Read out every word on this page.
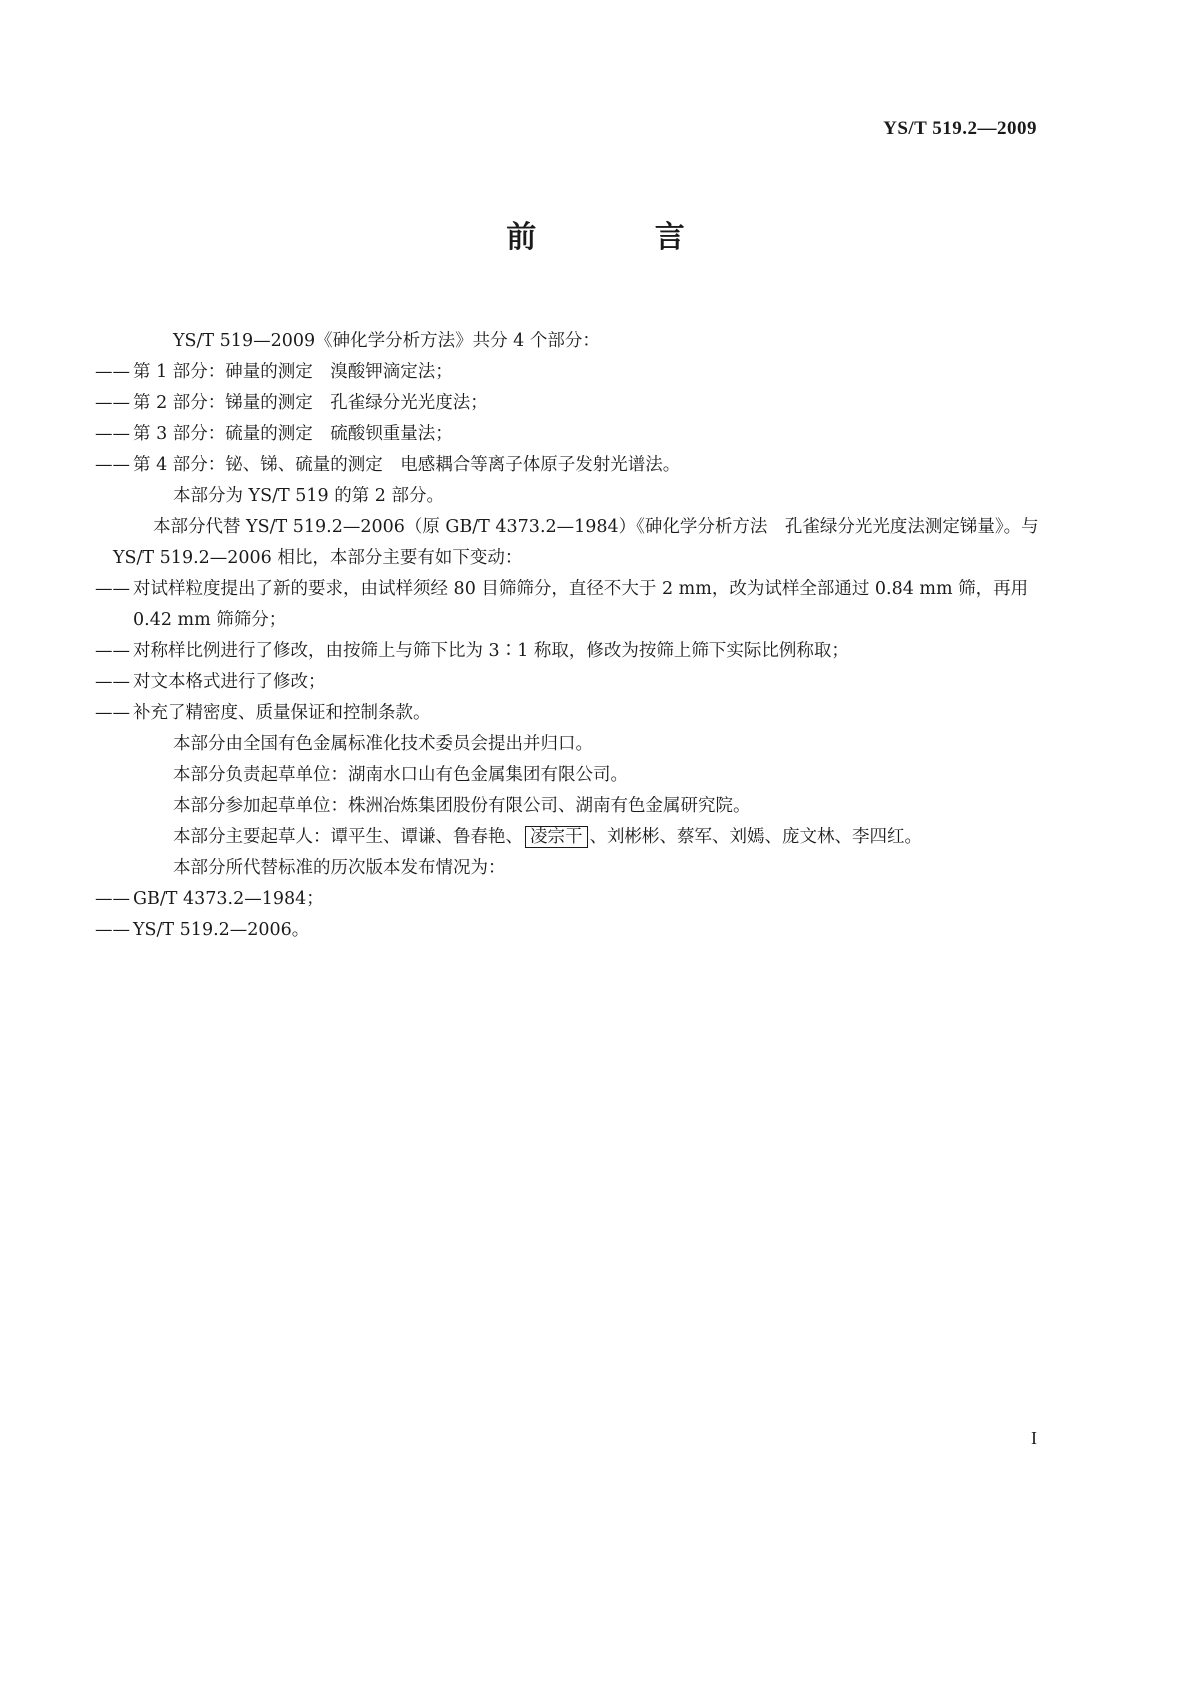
YS/T 519.2—2009
前 言

YS/T 519—2009《砷化学分析方法》共分 4 个部分：

—— 第 1 部分：砷量的测定　溴酸钾滴定法；

—— 第 2 部分：锑量的测定　孔雀绿分光光度法；

—— 第 3 部分：硫量的测定　硫酸钡重量法；

—— 第 4 部分：铋、锑、硫量的测定　电感耦合等离子体原子发射光谱法。

本部分为 YS/T 519 的第 2 部分。

本部分代替 YS/T 519.2—2006（原 GB/T 4373.2—1984）《砷化学分析方法　孔雀绿分光光度法测定锑量》。与 YS/T 519.2—2006 相比，本部分主要有如下变动：

—— 对试样粒度提出了新的要求，由试样须经 80 目筛筛分，直径不大于 2 mm，改为试样全部通过 0.84 mm 筛，再用 0.42 mm 筛筛分；

—— 对称样比例进行了修改，由按筛上与筛下比为 3∶1 称取，修改为按筛上筛下实际比例称取；

—— 对文本格式进行了修改；

—— 补充了精密度、质量保证和控制条款。

本部分由全国有色金属标准化技术委员会提出并归口。

本部分负责起草单位：湖南水口山有色金属集团有限公司。

本部分参加起草单位：株洲冶炼集团股份有限公司、湖南有色金属研究院。

本部分主要起草人：谭平生、谭谦、鲁春艳、 凌宗干 、刘彬彬、蔡军、刘嫣、庞文林、李四红。

本部分所代替标准的历次版本发布情况为：

—— GB/T 4373.2—1984；

—— YS/T 519.2—2006。

I
